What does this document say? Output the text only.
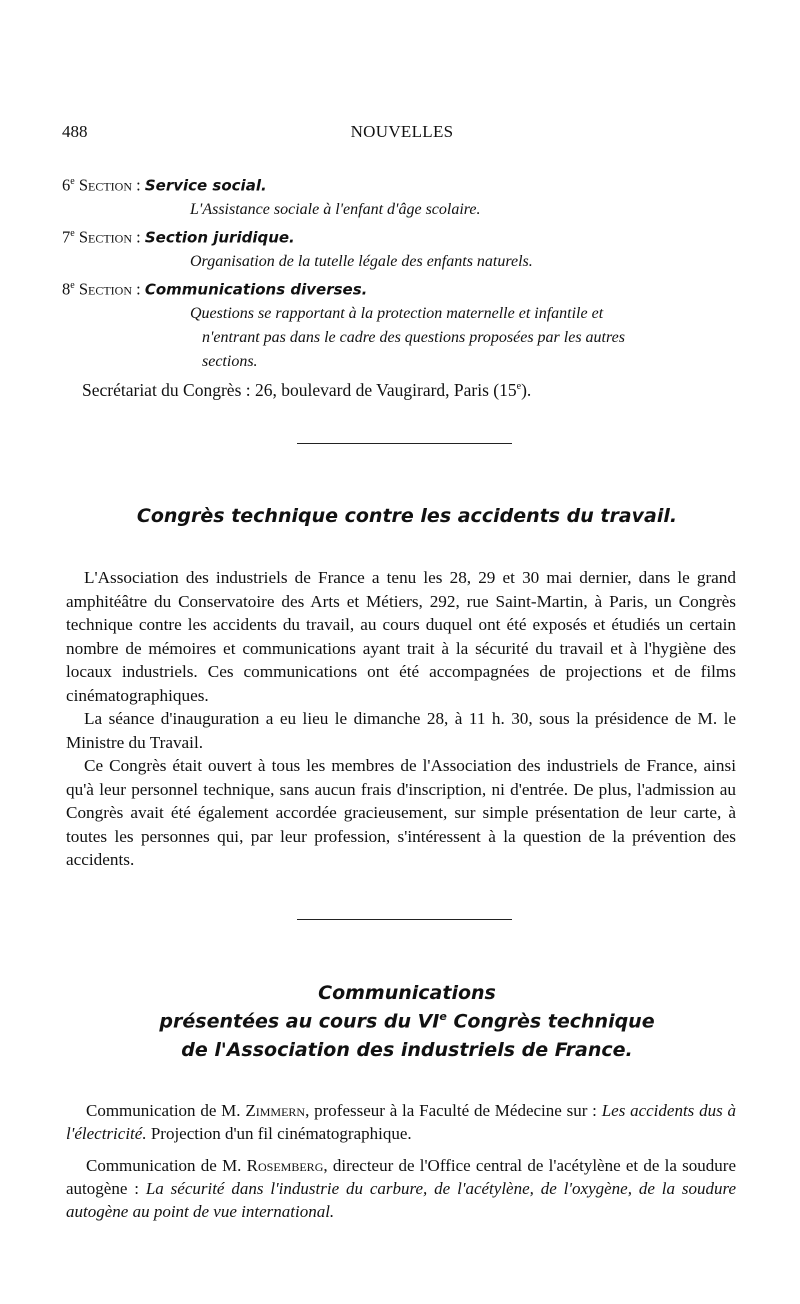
488	NOUVELLES
6e Section : Service social.
L'Assistance sociale à l'enfant d'âge scolaire.
7e Section : Section juridique.
Organisation de la tutelle légale des enfants naturels.
8e Section : Communications diverses.
Questions se rapportant à la protection maternelle et infantile et
n'entrant pas dans le cadre des questions proposées par les autres
sections.
Secrétariat du Congrès : 26, boulevard de Vaugirard, Paris (15e).
Congrès technique contre les accidents du travail.

L'Association des industriels de France a tenu les 28, 29 et 30 mai dernier, dans le grand amphitéâtre du Conservatoire des Arts et Métiers, 292, rue Saint-Martin, à Paris, un Congrès technique contre les accidents du travail, au cours duquel ont été exposés et étudiés un certain nombre de mémoires et communications ayant trait à la sécurité du travail et à l'hygiène des locaux industriels. Ces communications ont été accompagnées de projections et de films cinématographiques.

La séance d'inauguration a eu lieu le dimanche 28, à 11 h. 30, sous la présidence de M. le Ministre du Travail.

Ce Congrès était ouvert à tous les membres de l'Association des industriels de France, ainsi qu'à leur personnel technique, sans aucun frais d'inscription, ni d'entrée. De plus, l'admission au Congrès avait été également accordée gracieusement, sur simple présentation de leur carte, à toutes les personnes qui, par leur profession, s'intéressent à la question de la prévention des accidents.

Communications
présentées au cours du VIe Congrès technique
de l'Association des industriels de France.

Communication de M. Zimmern, professeur à la Faculté de Médecine sur : Les accidents dus à l'électricité. Projection d'un fil cinématographique.

Communication de M. Rosemberg, directeur de l'Office central de l'acétylène et de la soudure autogène : La sécurité dans l'industrie du carbure, de l'acétylène, de l'oxygène, de la soudure autogène au point de vue international.
